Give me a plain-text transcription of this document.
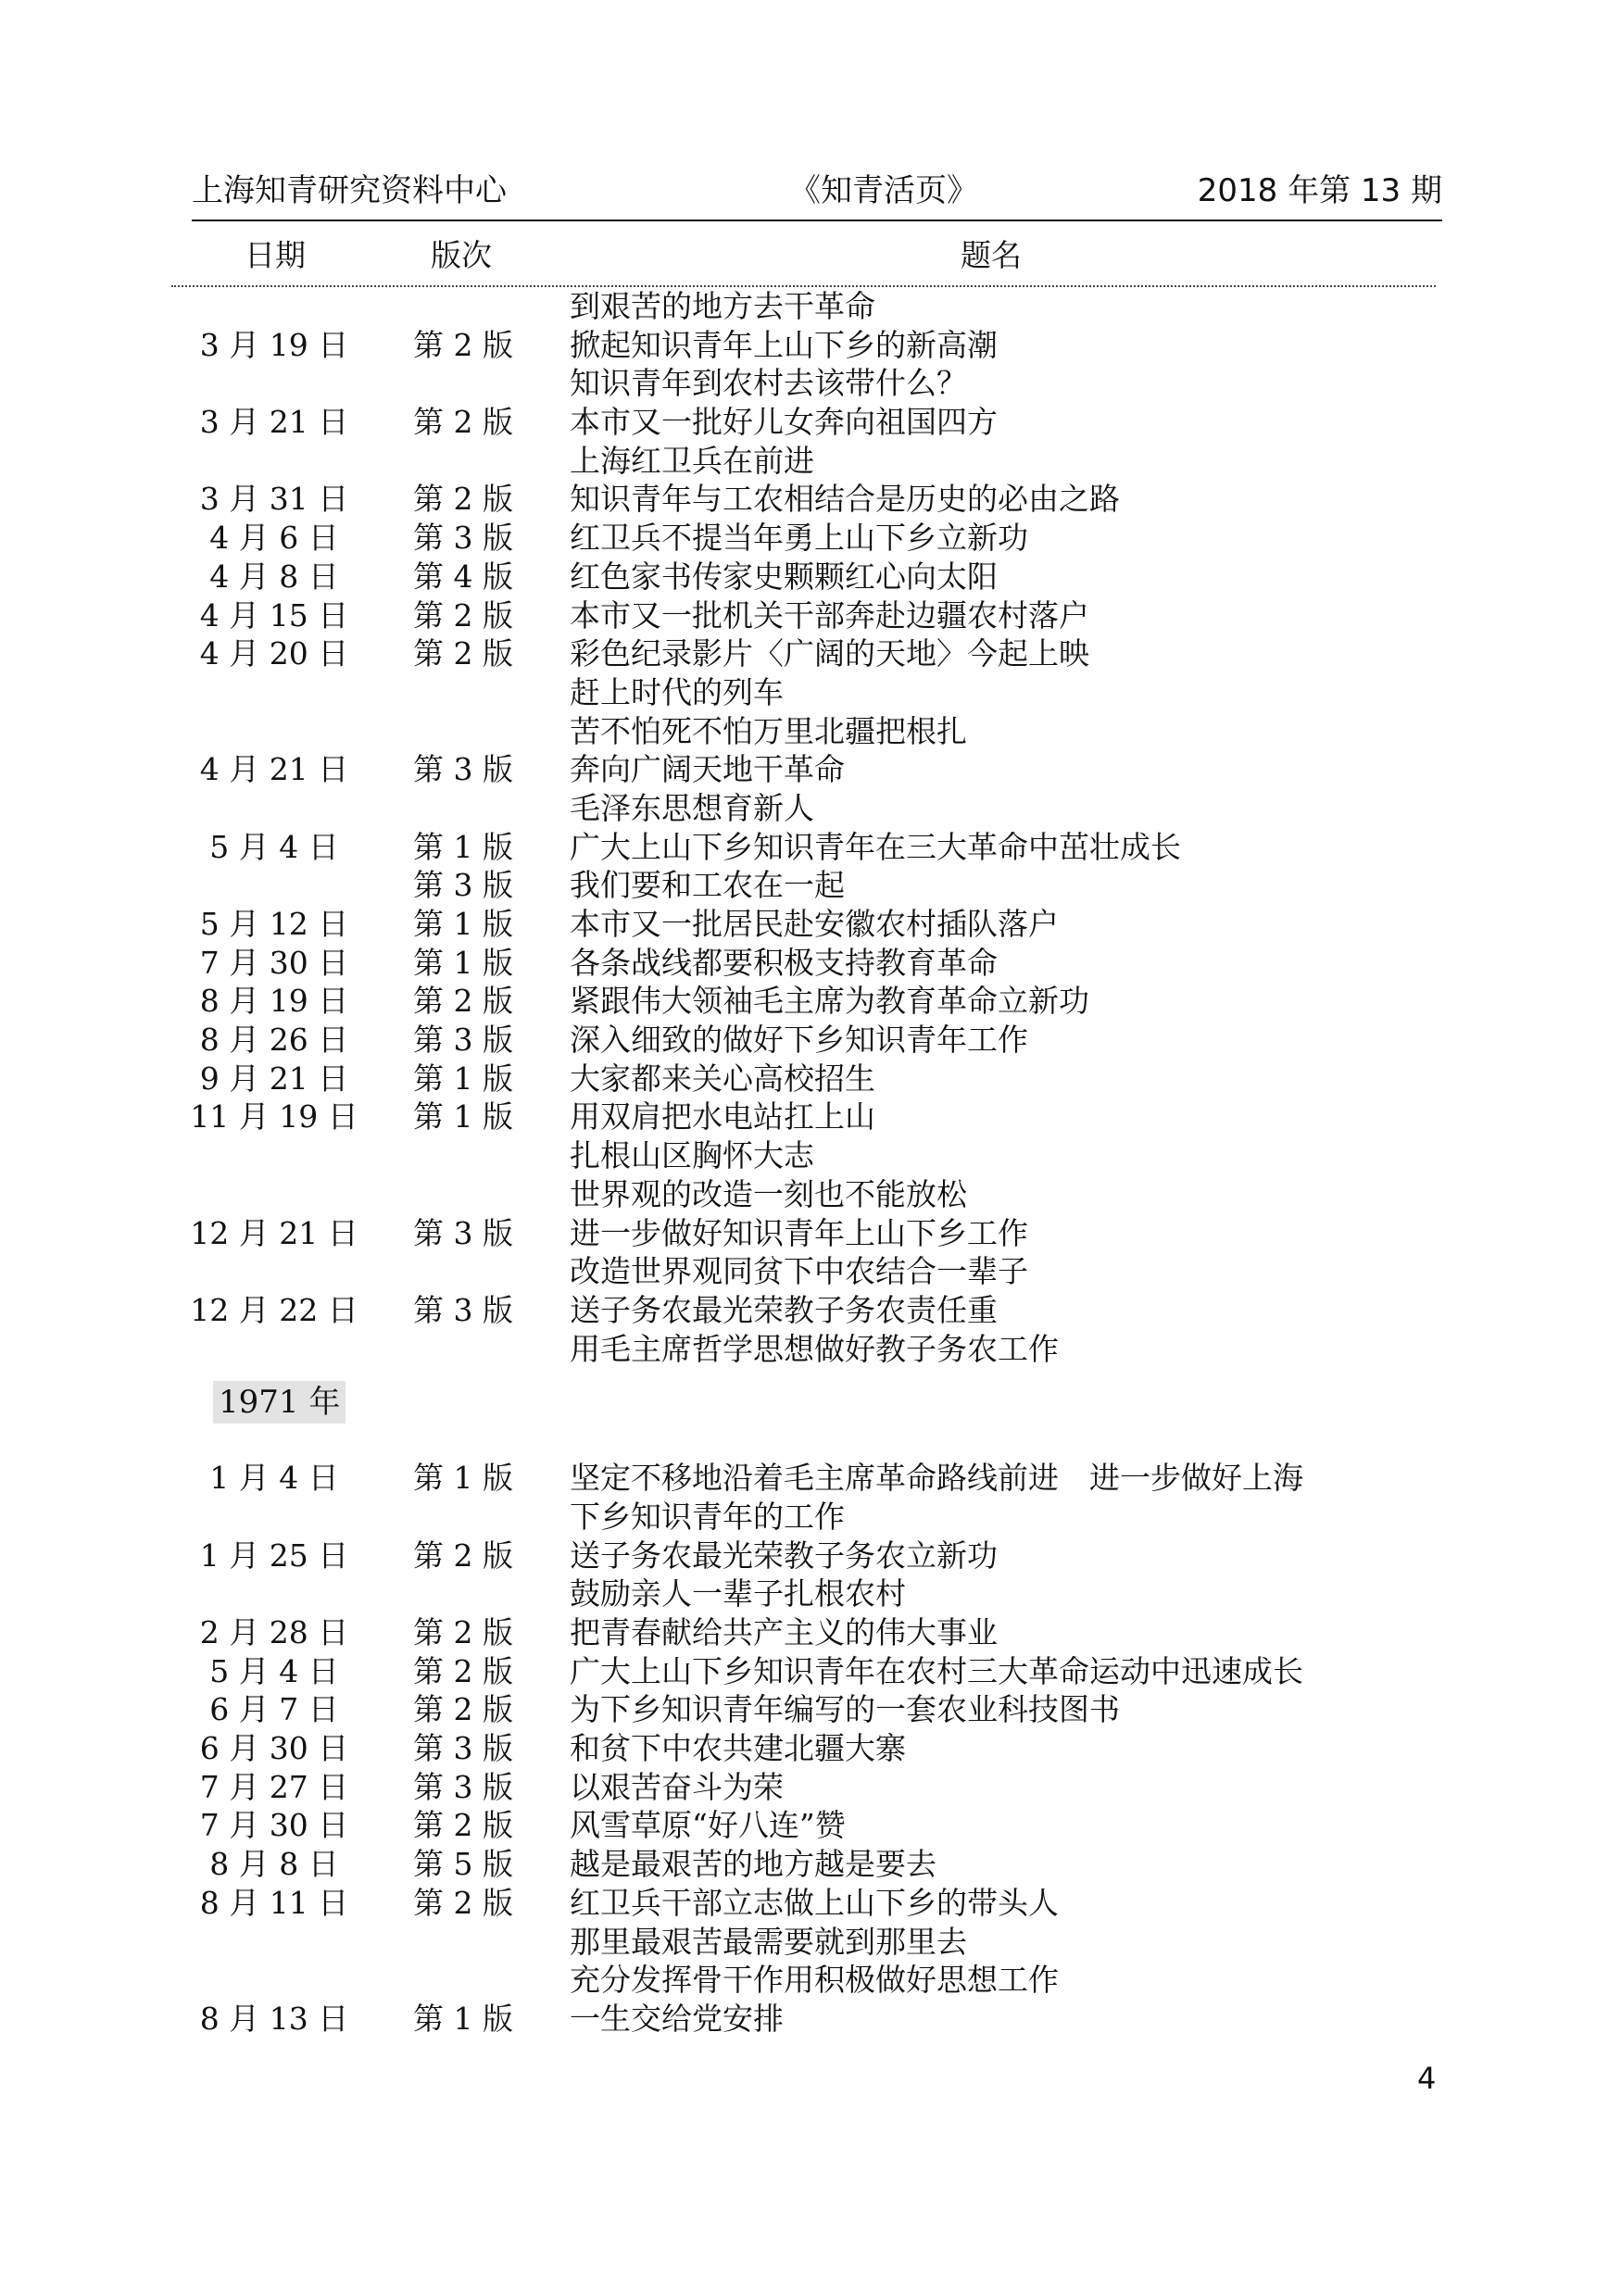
上海知青研究资料中心	《知青活页》	2018 年第 13 期
日期	版次	题名
到艰苦的地方去干革命
3 月 19 日	第 2 版	掀起知识青年上山下乡的新高潮
知识青年到农村去该带什么？
3 月 21 日	第 2 版	本市又一批好儿女奔向祖国四方
上海红卫兵在前进
3 月 31 日	第 2 版	知识青年与工农相结合是历史的必由之路
4 月 6 日	第 3 版	红卫兵不提当年勇上山下乡立新功
4 月 8 日	第 4 版	红色家书传家史颗颗红心向太阳
4 月 15 日	第 2 版	本市又一批机关干部奔赴边疆农村落户
4 月 20 日	第 2 版	彩色纪录影片〈广阔的天地〉今起上映
赶上时代的列车
苦不怕死不怕万里北疆把根扎
4 月 21 日	第 3 版	奔向广阔天地干革命
毛泽东思想育新人
5 月 4 日	第 1 版	广大上山下乡知识青年在三大革命中茁壮成长
第 3 版	我们要和工农在一起
5 月 12 日	第 1 版	本市又一批居民赴安徽农村插队落户
7 月 30 日	第 1 版	各条战线都要积极支持教育革命
8 月 19 日	第 2 版	紧跟伟大领袖毛主席为教育革命立新功
8 月 26 日	第 3 版	深入细致的做好下乡知识青年工作
9 月 21 日	第 1 版	大家都来关心高校招生
11 月 19 日	第 1 版	用双肩把水电站扛上山
扎根山区胸怀大志
世界观的改造一刻也不能放松
12 月 21 日	第 3 版	进一步做好知识青年上山下乡工作
改造世界观同贫下中农结合一辈子
12 月 22 日	第 3 版	送子务农最光荣教子务农责任重
用毛主席哲学思想做好教子务农工作
1971 年
1 月 4 日	第 1 版	坚定不移地沿着毛主席革命路线前进　进一步做好上海
下乡知识青年的工作
1 月 25 日	第 2 版	送子务农最光荣教子务农立新功
鼓励亲人一辈子扎根农村
2 月 28 日	第 2 版	把青春献给共产主义的伟大事业
5 月 4 日	第 2 版	广大上山下乡知识青年在农村三大革命运动中迅速成长
6 月 7 日	第 2 版	为下乡知识青年编写的一套农业科技图书
6 月 30 日	第 3 版	和贫下中农共建北疆大寨
7 月 27 日	第 3 版	以艰苦奋斗为荣
7 月 30 日	第 2 版	风雪草原“好八连”赞
8 月 8 日	第 5 版	越是最艰苦的地方越是要去
8 月 11 日	第 2 版	红卫兵干部立志做上山下乡的带头人
那里最艰苦最需要就到那里去
充分发挥骨干作用积极做好思想工作
8 月 13 日	第 1 版	一生交给党安排
4
